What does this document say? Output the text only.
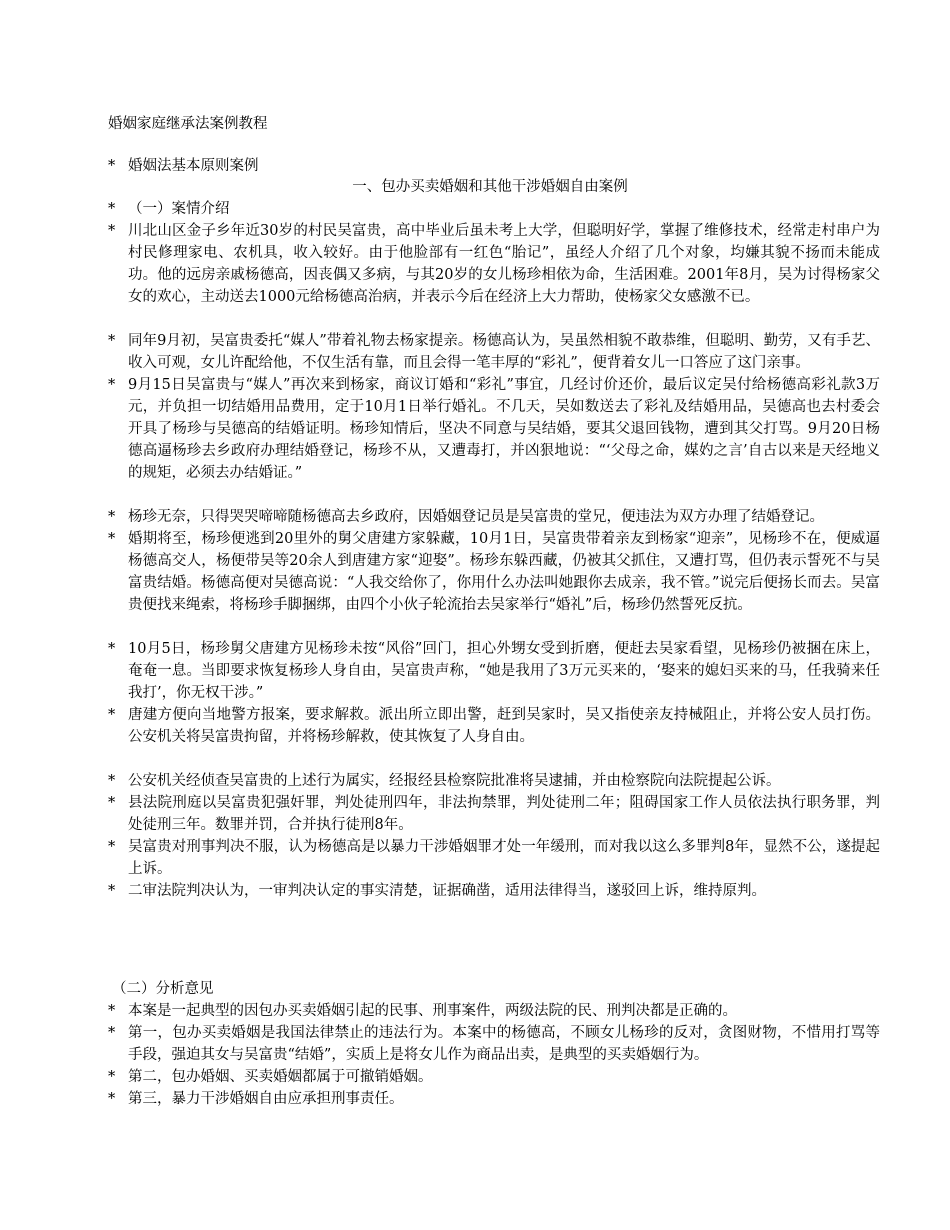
婚姻家庭继承法案例教程
* 婚姻法基本原则案例
一、包办买卖婚姻和其他干涉婚姻自由案例
* （一）案情介绍
* 川北山区金子乡年近30岁的村民吴富贵，高中毕业后虽未考上大学，但聪明好学，掌握了维修技术，经常走村串户为村民修理家电、农机具，收入较好。由于他脸部有一红色“胎记”，虽经人介绍了几个对象，均嫌其貌不扬而未能成功。他的远房亲戚杨德高，因丧偶又多病，与其20岁的女儿杨珍相依为命，生活困难。2001年8月，吴为讨得杨家父女的欢心，主动送去1000元给杨德高治病，并表示今后在经济上大力帮助，使杨家父女感激不已。
* 同年9月初，吴富贵委托“媒人”带着礼物去杨家提亲。杨德高认为，吴虽然相貌不敢恭维，但聪明、勤劳，又有手艺、收入可观，女儿许配给他，不仅生活有靠，而且会得一笔丰厚的“彩礼”，便背着女儿一口答应了这门亲事。
* 9月15日吴富贵与“媒人”再次来到杨家，商议订婚和“彩礼”事宜，几经讨价还价，最后议定吴付给杨德高彩礼款3万元，并负担一切结婚用品费用，定于10月1日举行婚礼。不几天，吴如数送去了彩礼及结婚用品，吴德高也去村委会开具了杨珍与吴德高的结婚证明。杨珍知情后，坚决不同意与吴结婚，要其父退回钱物，遭到其父打骂。9月20日杨德高逼杨珍去乡政府办理结婚登记，杨珍不从，又遭毒打，并凶狠地说：“‘父母之命，媒妁之言’自古以来是天经地义的规矩，必须去办结婚证。”
* 杨珍无奈，只得哭哭啼啼随杨德高去乡政府，因婚姻登记员是吴富贵的堂兄，便违法为双方办理了结婚登记。
* 婚期将至，杨珍便逃到20里外的舅父唐建方家躲藏，10月1日，吴富贵带着亲友到杨家“迎亲”，见杨珍不在，便威逼杨德高交人，杨便带吴等20余人到唐建方家“迎娶”。杨珍东躲西藏，仍被其父抓住，又遭打骂，但仍表示誓死不与吴富贵结婚。杨德高便对吴德高说：“人我交给你了，你用什么办法叫她跟你去成亲，我不管。”说完后便扬长而去。吴富贵便找来绳索，将杨珍手脚捆绑，由四个小伙子轮流抬去吴家举行“婚礼”后，杨珍仍然誓死反抗。
* 10月5日，杨珍舅父唐建方见杨珍未按“风俗”回门，担心外甥女受到折磨，便赶去吴家看望，见杨珍仍被捆在床上，奄奄一息。当即要求恢复杨珍人身自由，吴富贵声称，“她是我用了3万元买来的，‘娶来的媳妇买来的马，任我骑来任我打’，你无权干涉。”
* 唐建方便向当地警方报案，要求解救。派出所立即出警，赶到吴家时，吴又指使亲友持械阻止，并将公安人员打伤。公安机关将吴富贵拘留，并将杨珍解救，使其恢复了人身自由。
* 公安机关经侦查吴富贵的上述行为属实，经报经县检察院批准将吴逮捕，并由检察院向法院提起公诉。
* 县法院刑庭以吴富贵犯强奸罪，判处徒刑四年，非法拘禁罪，判处徒刑二年；阻碍国家工作人员依法执行职务罪，判处徒刑三年。数罪并罚，合并执行徒刑8年。
* 吴富贵对刑事判决不服，认为杨德高是以暴力干涉婚姻罪才处一年缓刑，而对我以这么多罪判8年，显然不公，遂提起上诉。
* 二审法院判决认为，一审判决认定的事实清楚，证据确凿，适用法律得当，遂驳回上诉，维持原判。
（二）分析意见
* 本案是一起典型的因包办买卖婚姻引起的民事、刑事案件，两级法院的民、刑判决都是正确的。
* 第一，包办买卖婚姻是我国法律禁止的违法行为。本案中的杨德高，不顾女儿杨珍的反对，贪图财物，不惜用打骂等手段，强迫其女与吴富贵“结婚”，实质上是将女儿作为商品出卖，是典型的买卖婚姻行为。
* 第二，包办婚姻、买卖婚姻都属于可撤销婚姻。
* 第三，暴力干涉婚姻自由应承担刑事责任。
